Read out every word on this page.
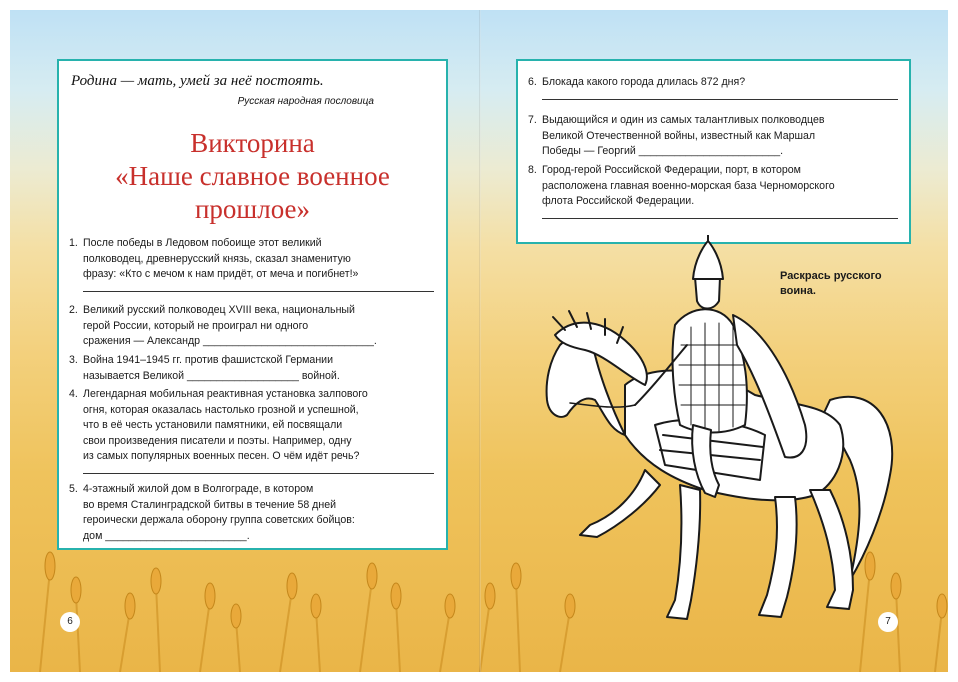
Родина — мать, умей за неё постоять.
Русская народная пословица
Викторина
«Наше славное военное
прошлое»
1. После победы в Ледовом побоище этот великий
полководец, древнерусский князь, сказал знаменитую
фразу: «Кто с мечом к нам придёт, от меча и погибнет!»
2. Великий русский полководец XVIII века, национальный
герой России, который не проиграл ни одного
сражения — Александр _____________________________.
3. Война 1941–1945 гг. против фашистской Германии
называется Великой ___________________ войной.
4. Легендарная мобильная реактивная установка залпового
огня, которая оказалась настолько грозной и успешной,
что в её честь установили памятники, ей посвящали
свои произведения писатели и поэты. Например, одну
из самых популярных военных песен. О чём идёт речь?
5. 4-этажный жилой дом в Волгограде, в котором
во время Сталинградской битвы в течение 58 дней
героически держала оборону группа советских бойцов:
дом ________________________.
6. Блокада какого города длилась 872 дня?
7. Выдающийся и один из самых талантливых полководцев
Великой Отечественной войны, известный как Маршал
Победы — Георгий ________________________.
8. Город-герой Российской Федерации, порт, в котором
расположена главная военно-морская база Черноморского
флота Российской Федерации.
Раскрась русского
воина.
6	7
